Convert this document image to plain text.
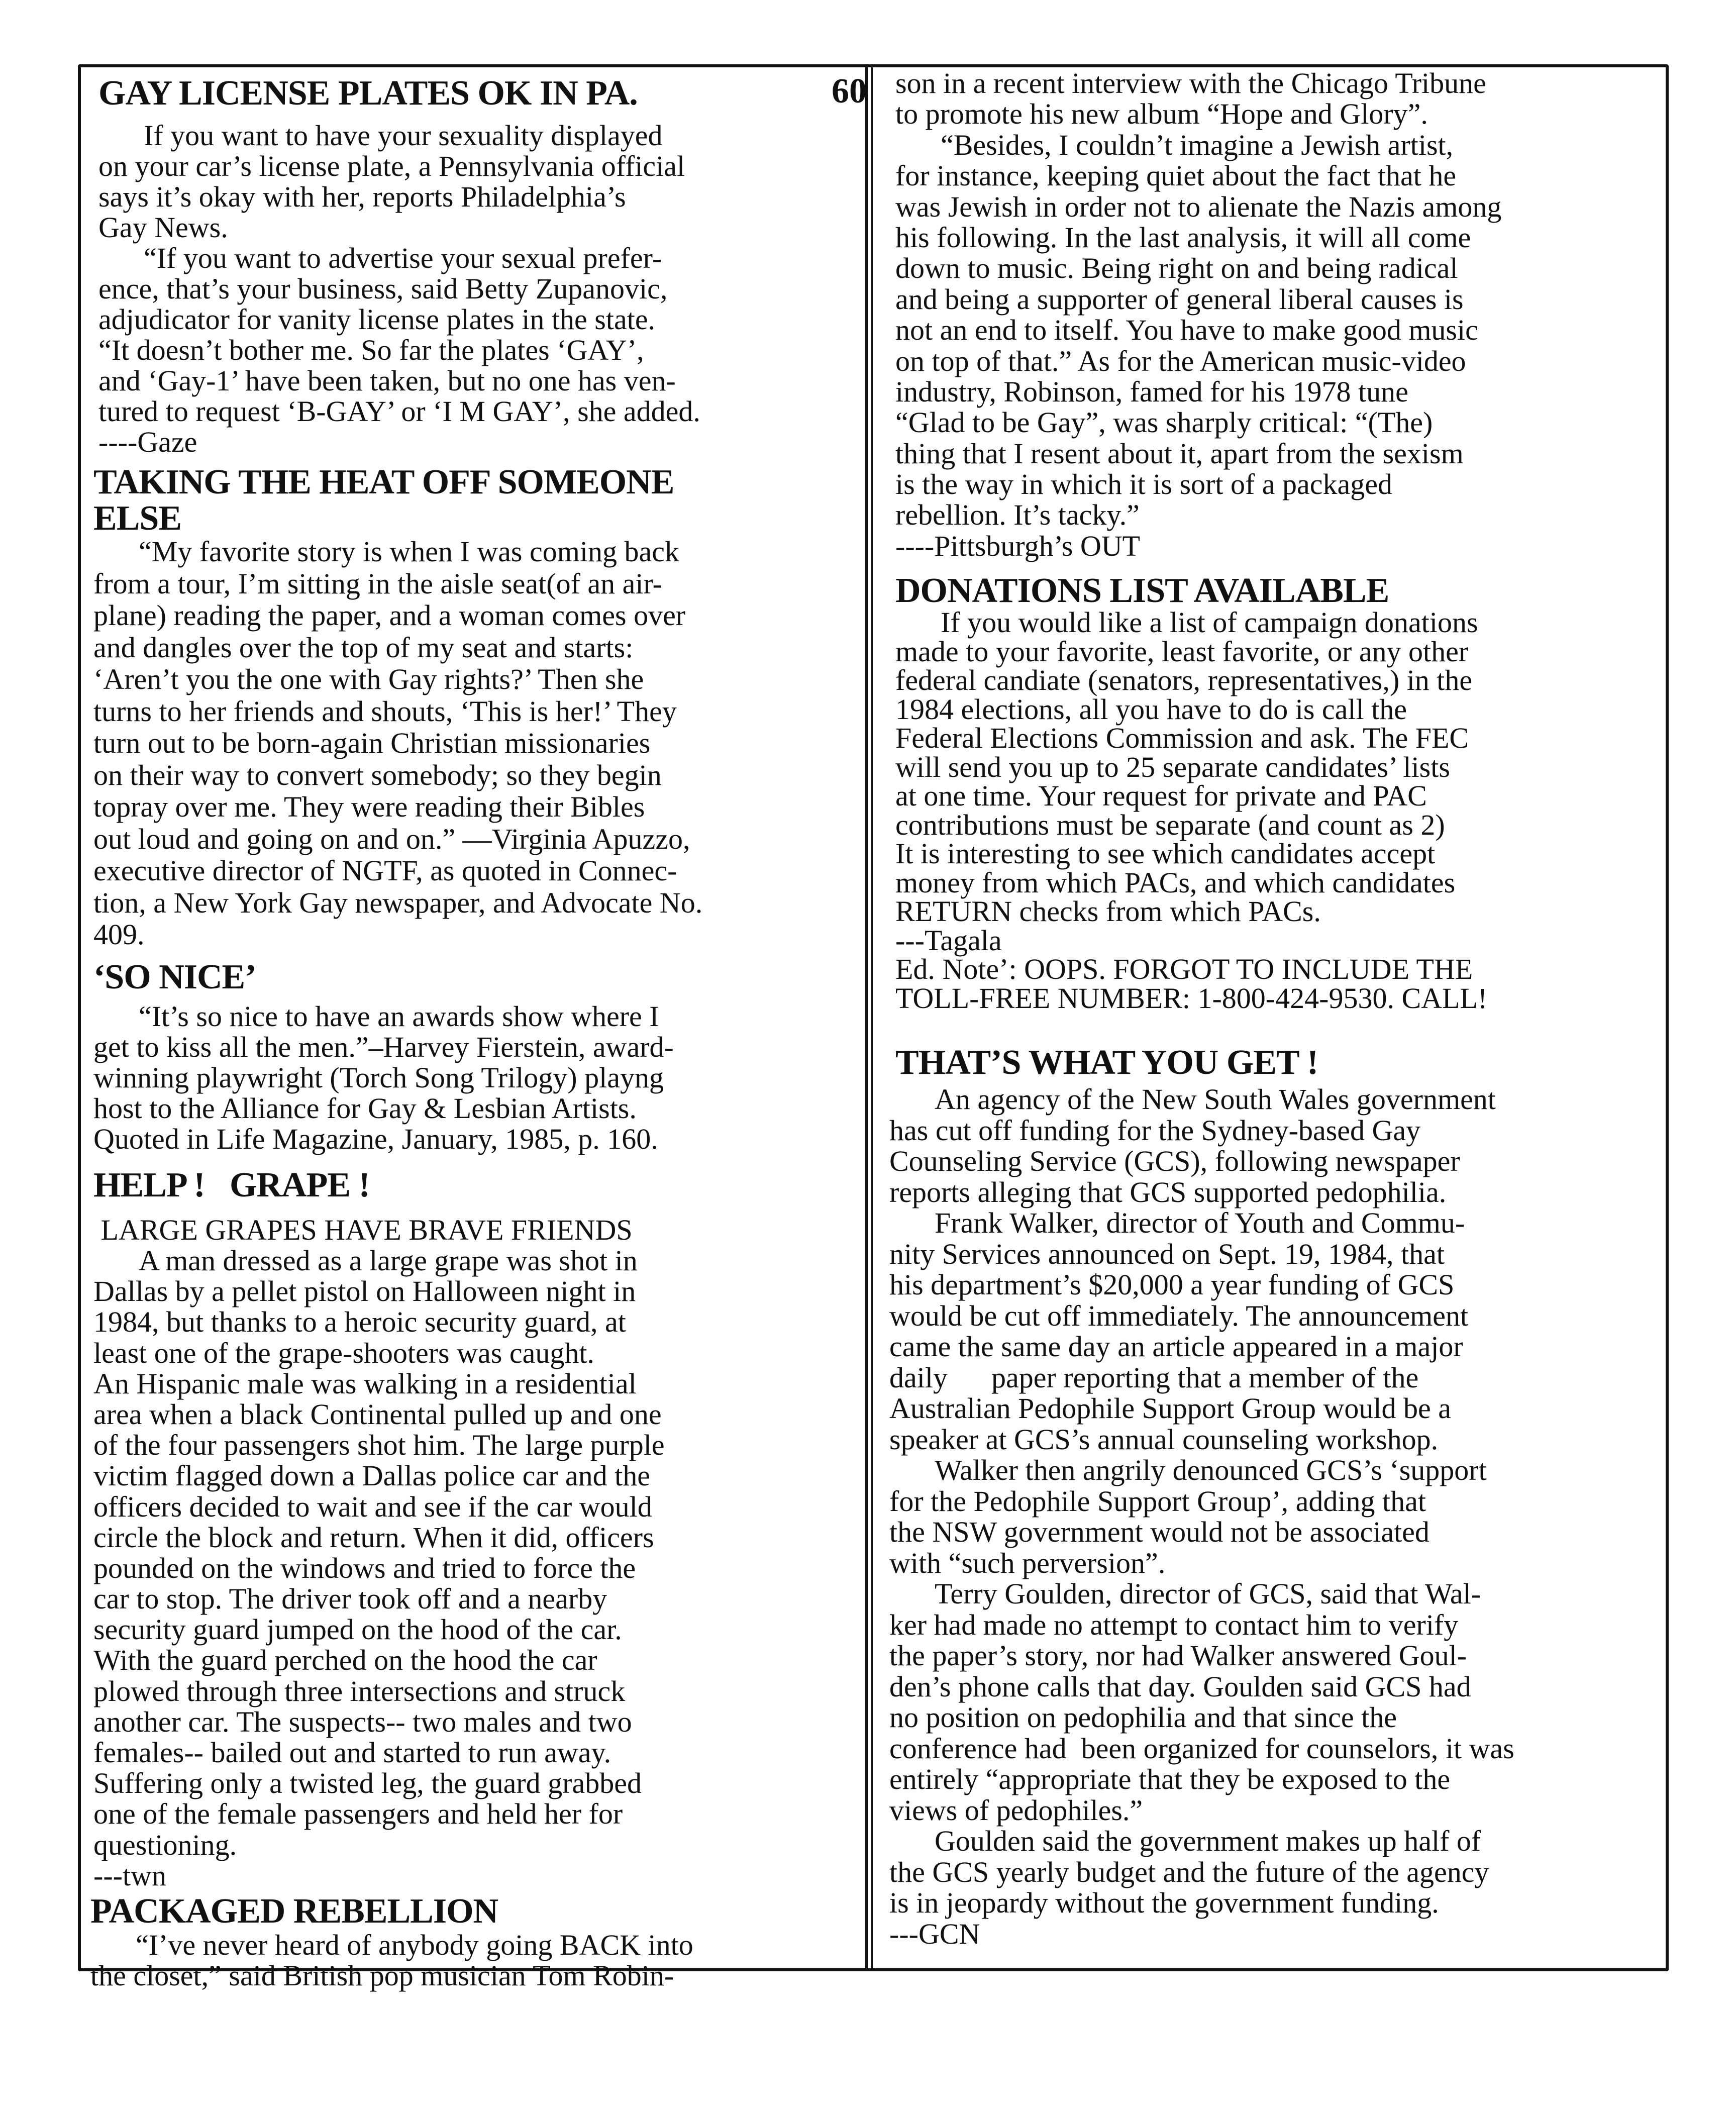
60
GAY LICENSE PLATES OK IN PA.
If you want to have your sexuality displayed
on your car’s license plate, a Pennsylvania official
says it’s okay with her, reports Philadelphia’s
Gay News.
“If you want to advertise your sexual prefer-
ence, that’s your business, said Betty Zupanovic,
adjudicator for vanity license plates in the state.
“It doesn’t bother me. So far the plates ‘GAY’,
and ‘Gay-1’ have been taken, but no one has ven-
tured to request ‘B-GAY’ or ‘I M GAY’, she added.
----Gaze
TAKING THE HEAT OFF SOMEONE
ELSE
“My favorite story is when I was coming back
from a tour, I’m sitting in the aisle seat(of an air-
plane) reading the paper, and a woman comes over
and dangles over the top of my seat and starts:
‘Aren’t you the one with Gay rights?’ Then she
turns to her friends and shouts, ‘This is her!’ They
turn out to be born-again Christian missionaries
on their way to convert somebody; so they begin
topray over me. They were reading their Bibles
out loud and going on and on.” —Virginia Apuzzo,
executive director of NGTF, as quoted in Connec-
tion, a New York Gay newspaper, and Advocate No.
409.
‘SO NICE’
“It’s so nice to have an awards show where I
get to kiss all the men.”–Harvey Fierstein, award-
winning playwright (Torch Song Trilogy) playng
host to the Alliance for Gay & Lesbian Artists.
Quoted in Life Magazine, January, 1985, p. 160.
HELP !   GRAPE !
LARGE GRAPES HAVE BRAVE FRIENDS
A man dressed as a large grape was shot in
Dallas by a pellet pistol on Halloween night in
1984, but thanks to a heroic security guard, at
least one of the grape-shooters was caught.
An Hispanic male was walking in a residential
area when a black Continental pulled up and one
of the four passengers shot him. The large purple
victim flagged down a Dallas police car and the
officers decided to wait and see if the car would
circle the block and return. When it did, officers
pounded on the windows and tried to force the
car to stop. The driver took off and a nearby
security guard jumped on the hood of the car.
With the guard perched on the hood the car
plowed through three intersections and struck
another car. The suspects-- two males and two
females-- bailed out and started to run away.
Suffering only a twisted leg, the guard grabbed
one of the female passengers and held her for
questioning.
---twn
PACKAGED REBELLION
“I’ve never heard of anybody going BACK into
the closet,” said British pop musician Tom Robin-
son in a recent interview with the Chicago Tribune
to promote his new album “Hope and Glory”.
“Besides, I couldn’t imagine a Jewish artist,
for instance, keeping quiet about the fact that he
was Jewish in order not to alienate the Nazis among
his following. In the last analysis, it will all come
down to music. Being right on and being radical
and being a supporter of general liberal causes is
not an end to itself. You have to make good music
on top of that.” As for the American music-video
industry, Robinson, famed for his 1978 tune
“Glad to be Gay”, was sharply critical: “(The)
thing that I resent about it, apart from the sexism
is the way in which it is sort of a packaged
rebellion. It’s tacky.”
----Pittsburgh’s OUT
DONATIONS LIST AVAILABLE
If you would like a list of campaign donations
made to your favorite, least favorite, or any other
federal candiate (senators, representatives,) in the
1984 elections, all you have to do is call the
Federal Elections Commission and ask. The FEC
will send you up to 25 separate candidates’ lists
at one time. Your request for private and PAC
contributions must be separate (and count as 2)
It is interesting to see which candidates accept
money from which PACs, and which candidates
RETURN checks from which PACs.
---Tagala
Ed. Note’: OOPS. FORGOT TO INCLUDE THE
TOLL-FREE NUMBER: 1-800-424-9530. CALL!
THAT’S WHAT YOU GET !
An agency of the New South Wales government
has cut off funding for the Sydney-based Gay
Counseling Service (GCS), following newspaper
reports alleging that GCS supported pedophilia.
Frank Walker, director of Youth and Commu-
nity Services announced on Sept. 19, 1984, that
his department’s $20,000 a year funding of GCS
would be cut off immediately. The announcement
came the same day an article appeared in a major
daily      paper reporting that a member of the
Australian Pedophile Support Group would be a
speaker at GCS’s annual counseling workshop.
Walker then angrily denounced GCS’s ‘support
for the Pedophile Support Group’, adding that
the NSW government would not be associated
with “such perversion”.
Terry Goulden, director of GCS, said that Wal-
ker had made no attempt to contact him to verify
the paper’s story, nor had Walker answered Goul-
den’s phone calls that day. Goulden said GCS had
no position on pedophilia and that since the
conference had  been organized for counselors, it was
entirely “appropriate that they be exposed to the
views of pedophiles.”
Goulden said the government makes up half of
the GCS yearly budget and the future of the agency
is in jeopardy without the government funding.
---GCN
